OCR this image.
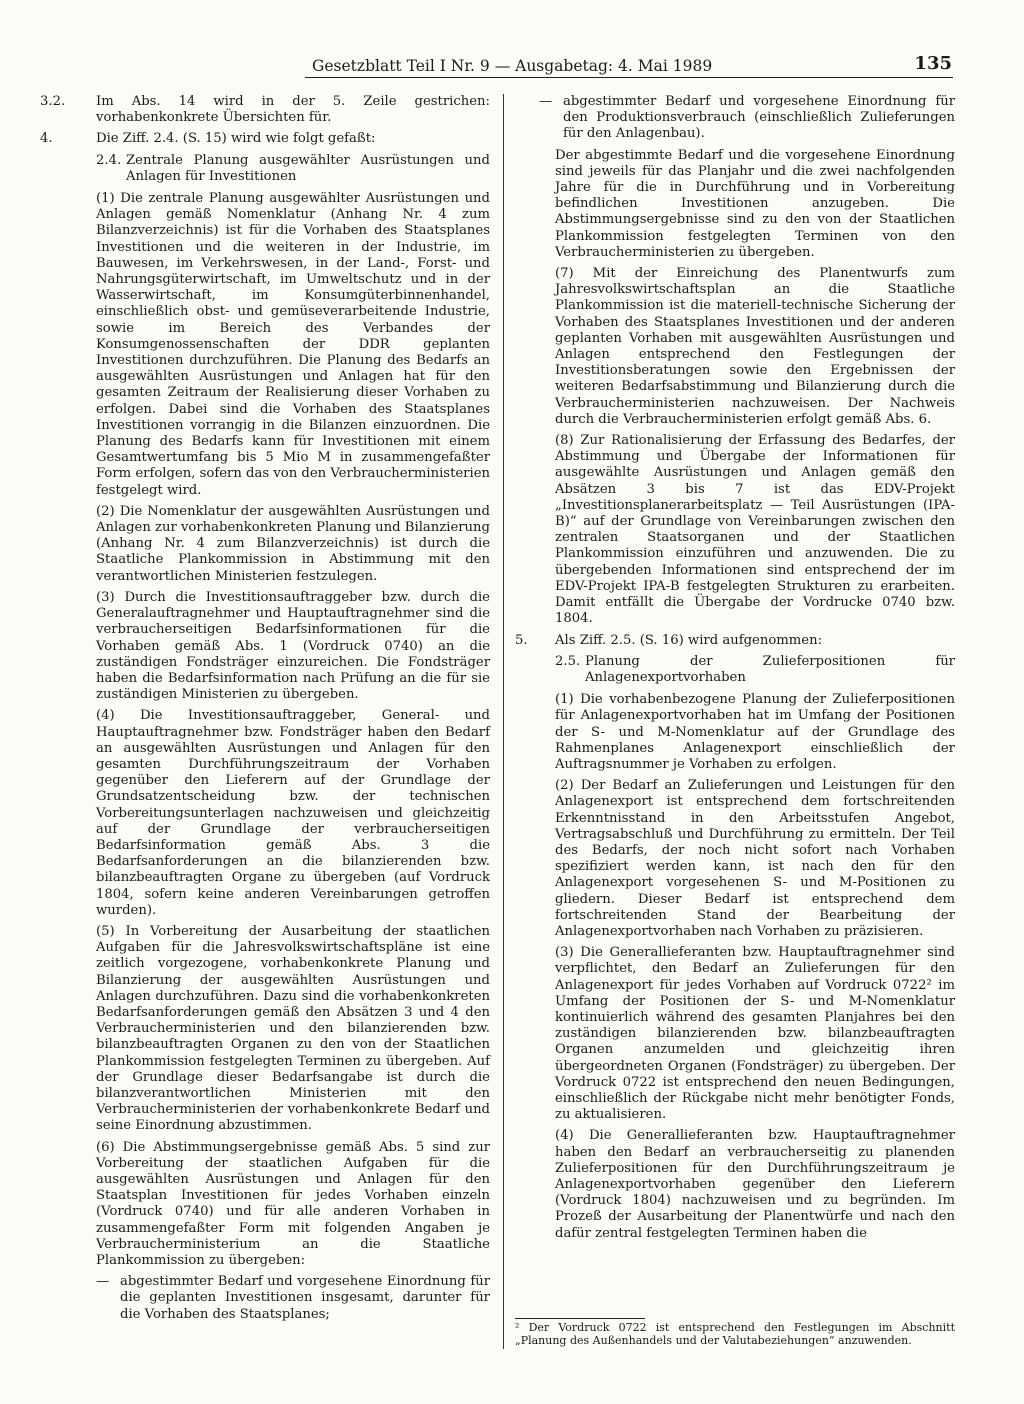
Gesetzblatt Teil I Nr. 9 — Ausgabetag: 4. Mai 1989	135
3.2.	Im Abs. 14 wird in der 5. Zeile gestrichen: vorhabenkonkrete Übersichten für.
4.	Die Ziff. 2.4. (S. 15) wird wie folgt gefaßt:
2.4. Zentrale Planung ausgewählter Ausrüstungen und Anlagen für Investitionen

(1) Die zentrale Planung ausgewählter Ausrüstungen und Anlagen gemäß Nomenklatur (Anhang Nr. 4 zum Bilanzverzeichnis) ist für die Vorhaben des Staatsplanes Investitionen und die weiteren in der Industrie, im Bauwesen, im Verkehrswesen, in der Land-, Forst- und Nahrungsgüterwirtschaft, im Umweltschutz und in der Wasserwirtschaft, im Konsumgüterbinnenhandel, einschließlich obst- und gemüseverarbeitende Industrie, sowie im Bereich des Verbandes der Konsumgenossenschaften der DDR geplanten Investitionen durchzuführen. Die Planung des Bedarfs an ausgewählten Ausrüstungen und Anlagen hat für den gesamten Zeitraum der Realisierung dieser Vorhaben zu erfolgen. Dabei sind die Vorhaben des Staatsplanes Investitionen vorrangig in die Bilanzen einzuordnen. Die Planung des Bedarfs kann für Investitionen mit einem Gesamtwertumfang bis 5 Mio M in zusammengefaßter Form erfolgen, sofern das von den Verbraucherministerien festgelegt wird.

(2) Die Nomenklatur der ausgewählten Ausrüstungen und Anlagen zur vorhabenkonkreten Planung und Bilanzierung (Anhang Nr. 4 zum Bilanzverzeichnis) ist durch die Staatliche Plankommission in Abstimmung mit den verantwortlichen Ministerien festzulegen.

(3) Durch die Investitionsauftraggeber bzw. durch die Generalauftragnehmer und Hauptauftragnehmer sind die verbraucherseitigen Bedarfsinformationen für die Vorhaben gemäß Abs. 1 (Vordruck 0740) an die zuständigen Fondsträger einzureichen. Die Fondsträger haben die Bedarfsinformation nach Prüfung an die für sie zuständigen Ministerien zu übergeben.

(4) Die Investitionsauftraggeber, General- und Hauptauftragnehmer bzw. Fondsträger haben den Bedarf an ausgewählten Ausrüstungen und Anlagen für den gesamten Durchführungszeitraum der Vorhaben gegenüber den Lieferern auf der Grundlage der Grundsatzentscheidung bzw. der technischen Vorbereitungsunterlagen nachzuweisen und gleichzeitig auf der Grundlage der verbraucherseitigen Bedarfsinformation gemäß Abs. 3 die Bedarfsanforderungen an die bilanzierenden bzw. bilanzbeauftragten Organe zu übergeben (auf Vordruck 1804, sofern keine anderen Vereinbarungen getroffen wurden).

(5) In Vorbereitung der Ausarbeitung der staatlichen Aufgaben für die Jahresvolkswirtschaftspläne ist eine zeitlich vorgezogene, vorhabenkonkrete Planung und Bilanzierung der ausgewählten Ausrüstungen und Anlagen durchzuführen. Dazu sind die vorhabenkonkreten Bedarfsanforderungen gemäß den Absätzen 3 und 4 den Verbraucherministerien und den bilanzierenden bzw. bilanzbeauftragten Organen zu den von der Staatlichen Plankommission festgelegten Terminen zu übergeben. Auf der Grundlage dieser Bedarfsangabe ist durch die bilanzverantwortlichen Ministerien mit den Verbraucherministerien der vorhabenkonkrete Bedarf und seine Einordnung abzustimmen.

(6) Die Abstimmungsergebnisse gemäß Abs. 5 sind zur Vorbereitung der staatlichen Aufgaben für die ausgewählten Ausrüstungen und Anlagen für den Staatsplan Investitionen für jedes Vorhaben einzeln (Vordruck 0740) und für alle anderen Vorhaben in zusammengefaßter Form mit folgenden Angaben je Verbraucherministerium an die Staatliche Plankommission zu übergeben:

— abgestimmter Bedarf und vorgesehene Einordnung für die geplanten Investitionen insgesamt, darunter für die Vorhaben des Staatsplanes;
— abgestimmter Bedarf und vorgesehene Einordnung für den Produktionsverbrauch (einschließlich Zulieferungen für den Anlagenbau).

Der abgestimmte Bedarf und die vorgesehene Einordnung sind jeweils für das Planjahr und die zwei nachfolgenden Jahre für die in Durchführung und in Vorbereitung befindlichen Investitionen anzugeben. Die Abstimmungsergebnisse sind zu den von der Staatlichen Plankommission festgelegten Terminen von den Verbraucherministerien zu übergeben.

(7) Mit der Einreichung des Planentwurfs zum Jahresvolkswirtschaftsplan an die Staatliche Plankommission ist die materiell-technische Sicherung der Vorhaben des Staatsplanes Investitionen und der anderen geplanten Vorhaben mit ausgewählten Ausrüstungen und Anlagen entsprechend den Festlegungen der Investitionsberatungen sowie den Ergebnissen der weiteren Bedarfsabstimmung und Bilanzierung durch die Verbraucherministerien nachzuweisen. Der Nachweis durch die Verbraucherministerien erfolgt gemäß Abs. 6.

(8) Zur Rationalisierung der Erfassung des Bedarfes, der Abstimmung und Übergabe der Informationen für ausgewählte Ausrüstungen und Anlagen gemäß den Absätzen 3 bis 7 ist das EDV-Projekt „Investitionsplanerarbeitsplatz — Teil Ausrüstungen (IPA-B)“ auf der Grundlage von Vereinbarungen zwischen den zentralen Staatsorganen und der Staatlichen Plankommission einzuführen und anzuwenden. Die zu übergebenden Informationen sind entsprechend der im EDV-Projekt IPA-B festgelegten Strukturen zu erarbeiten. Damit entfällt die Übergabe der Vordrucke 0740 bzw. 1804.

5.	Als Ziff. 2.5. (S. 16) wird aufgenommen:
2.5. Planung der Zulieferpositionen für Anlagenexportvorhaben

(1) Die vorhabenbezogene Planung der Zulieferpositionen für Anlagenexportvorhaben hat im Umfang der Positionen der S- und M-Nomenklatur auf der Grundlage des Rahmenplanes Anlagenexport einschließlich der Auftragsnummer je Vorhaben zu erfolgen.

(2) Der Bedarf an Zulieferungen und Leistungen für den Anlagenexport ist entsprechend dem fortschreitenden Erkenntnisstand in den Arbeitsstufen Angebot, Vertragsabschluß und Durchführung zu ermitteln. Der Teil des Bedarfs, der noch nicht sofort nach Vorhaben spezifiziert werden kann, ist nach den für den Anlagenexport vorgesehenen S- und M-Positionen zu gliedern. Dieser Bedarf ist entsprechend dem fortschreitenden Stand der Bearbeitung der Anlagenexportvorhaben nach Vorhaben zu präzisieren.

(3) Die Generallieferanten bzw. Hauptauftragnehmer sind verpflichtet, den Bedarf an Zulieferungen für den Anlagenexport für jedes Vorhaben auf Vordruck 0722² im Umfang der Positionen der S- und M-Nomenklatur kontinuierlich während des gesamten Planjahres bei den zuständigen bilanzierenden bzw. bilanzbeauftragten Organen anzumelden und gleichzeitig ihren übergeordneten Organen (Fondsträger) zu übergeben. Der Vordruck 0722 ist entsprechend den neuen Bedingungen, einschließlich der Rückgabe nicht mehr benötigter Fonds, zu aktualisieren.

(4) Die Generallieferanten bzw. Hauptauftragnehmer haben den Bedarf an verbraucherseitig zu planenden Zulieferpositionen für den Durchführungszeitraum je Anlagenexportvorhaben gegenüber den Lieferern (Vordruck 1804) nachzuweisen und zu begründen. Im Prozeß der Ausarbeitung der Planentwürfe und nach den dafür zentral festgelegten Terminen haben die

² Der Vordruck 0722 ist entsprechend den Festlegungen im Abschnitt „Planung des Außenhandels und der Valutabeziehungen“ anzuwenden.
